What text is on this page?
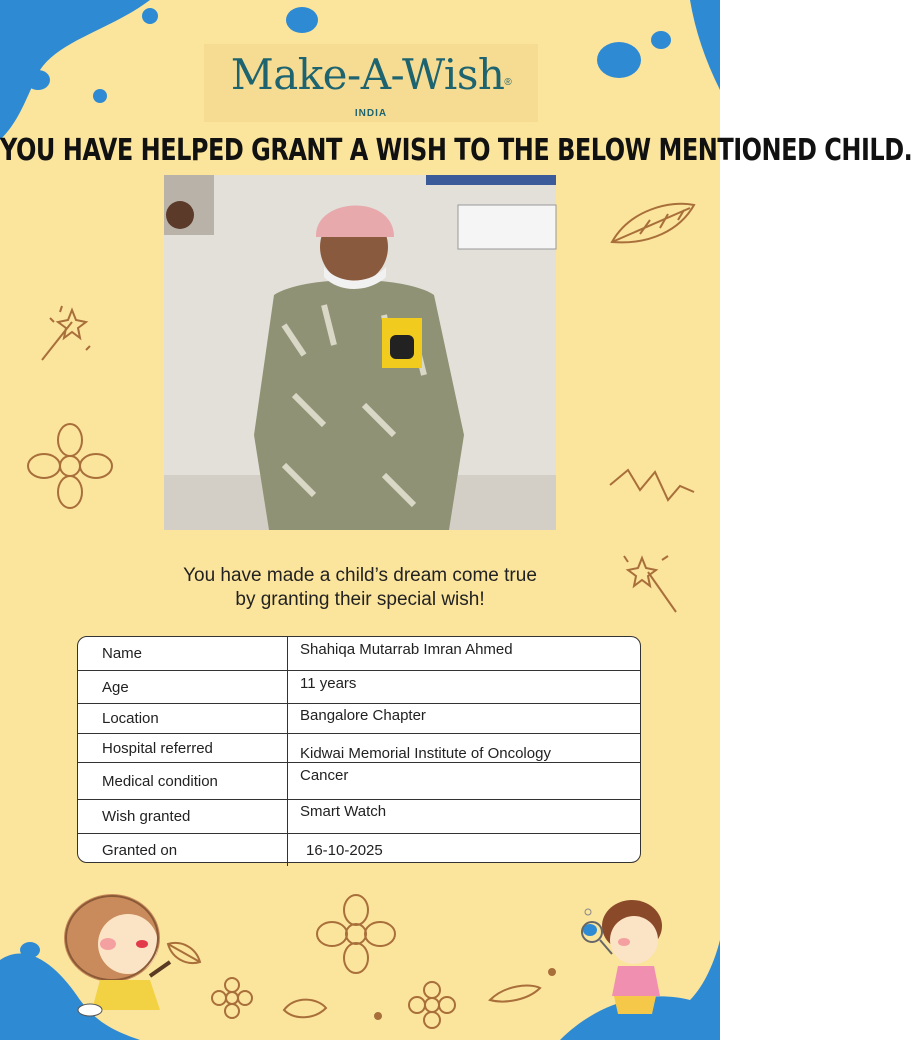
Make-A-Wish®
INDIA
YOU HAVE HELPED GRANT A WISH TO THE BELOW MENTIONED CHILD.
You have made a child’s dream come true
by granting their special wish!
Name	Shahiqa Mutarrab Imran Ahmed
Age	11 years
Location	Bangalore Chapter
Hospital referred	Kidwai Memorial Institute of Oncology
Medical condition	Cancer
Wish granted	Smart Watch
Granted on	16-10-2025
